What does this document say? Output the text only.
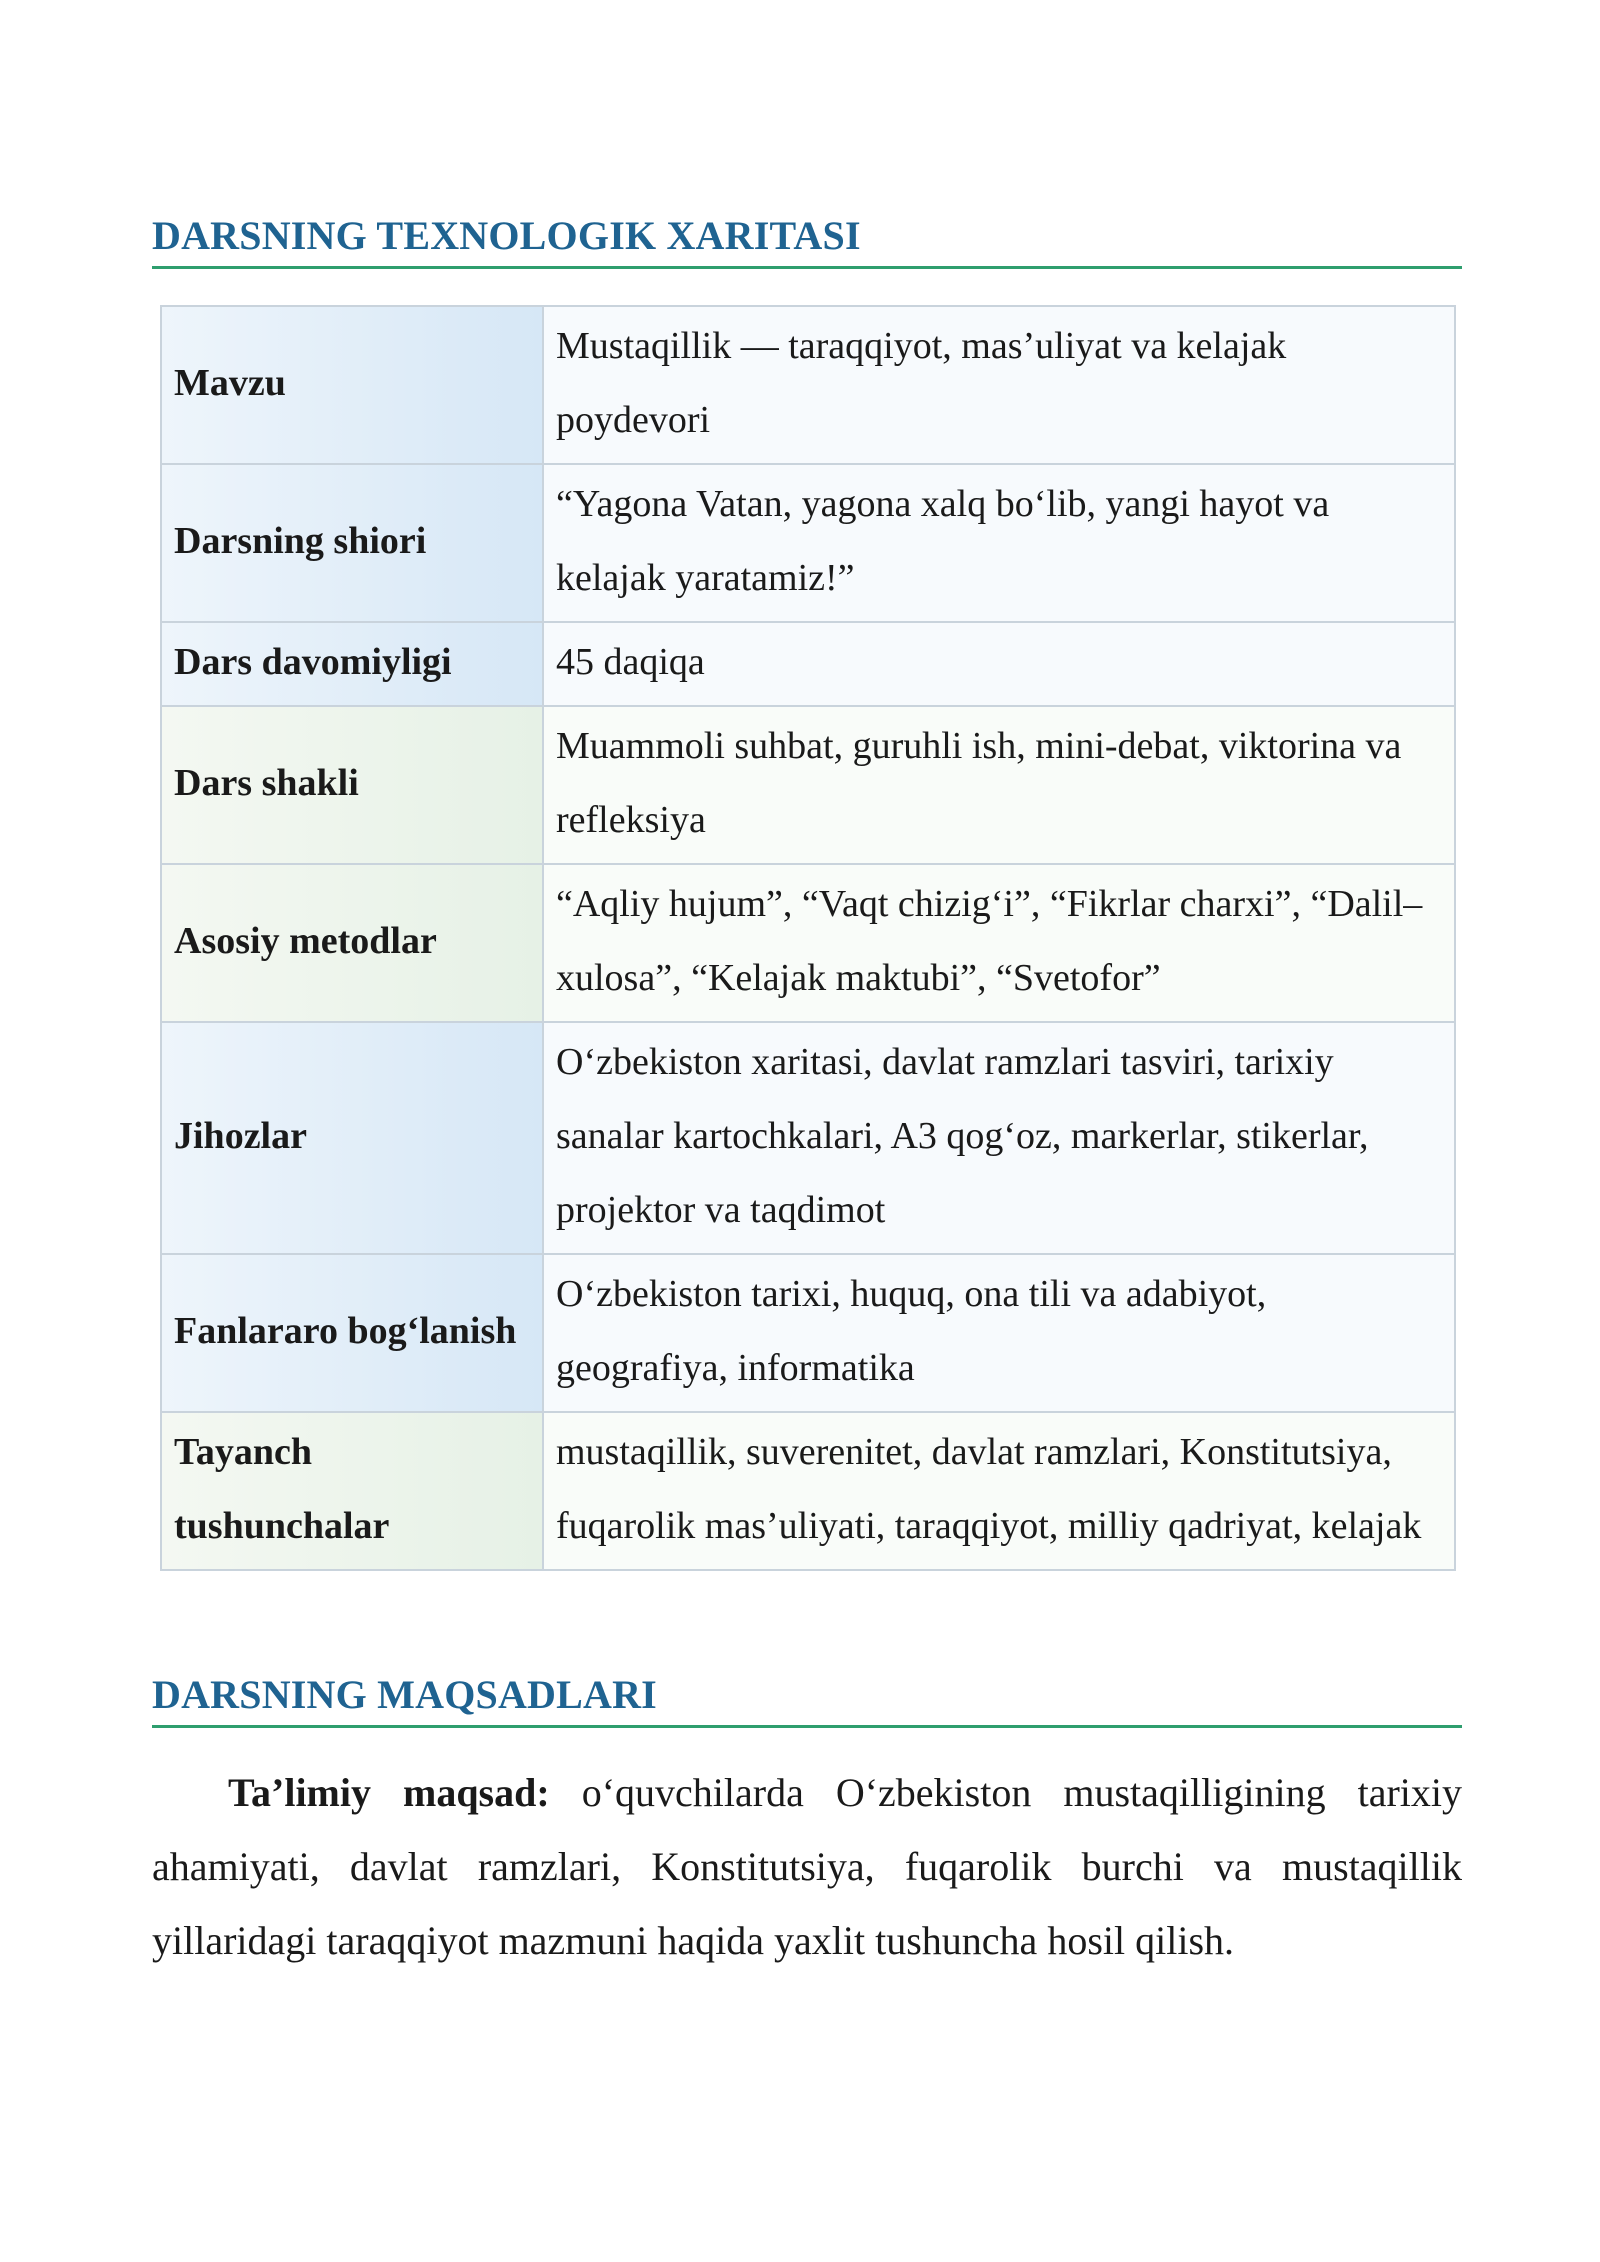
DARSNING TEXNOLOGIK XARITASI
Mavzu	Mustaqillik — taraqqiyot, mas’uliyat va kelajak poydevori
Darsning shiori	“Yagona Vatan, yagona xalq bo‘lib, yangi hayot va kelajak yaratamiz!”
Dars davomiyligi	45 daqiqa
Dars shakli	Muammoli suhbat, guruhli ish, mini-debat, viktorina va refleksiya
Asosiy metodlar	“Aqliy hujum”, “Vaqt chizig‘i”, “Fikrlar charxi”, “Dalil–xulosa”, “Kelajak maktubi”, “Svetofor”
Jihozlar	O‘zbekiston xaritasi, davlat ramzlari tasviri, tarixiy sanalar kartochkalari, A3 qog‘oz, markerlar, stikerlar, projektor va taqdimot
Fanlararo bog‘lanish	O‘zbekiston tarixi, huquq, ona tili va adabiyot, geografiya, informatika
Tayanch tushunchalar	mustaqillik, suverenitet, davlat ramzlari, Konstitutsiya, fuqarolik mas’uliyati, taraqqiyot, milliy qadriyat, kelajak
DARSNING MAQSADLARI

Ta’limiy maqsad: o‘quvchilarda O‘zbekiston mustaqilligining tarixiy ahamiyati, davlat ramzlari, Konstitutsiya, fuqarolik burchi va mustaqillik yillaridagi taraqqiyot mazmuni haqida yaxlit tushuncha hosil qilish.
